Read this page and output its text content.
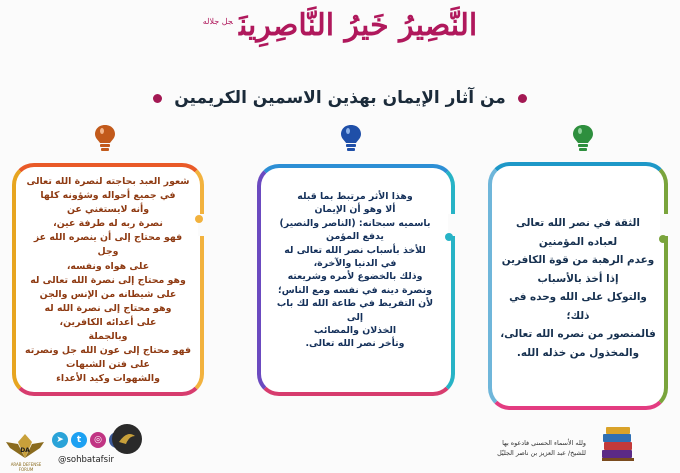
النَّصِيرُ خَيرُ النَّاصِرِينَ$^{جل جلاله}$
من آثار الإيمان بهذين الاسمين الكريمين

الثقة في نصر الله تعالى

لعباده المؤمنين

وعدم الرهبة من قوة الكافرين

إذا أخذ بالأسباب

والتوكل على الله وحده في ذلك؛

فالمنصور من نصره الله تعالى،

والمخذول من خذله الله.

وهذا الأثر مرتبط بما قبله

ألا وهو أن الإيمان

باسميه سبحانه: (الناصر والنصير)

يدفع المؤمن

للأخذ بأسباب نصر الله تعالى له

في الدنيا والآخرة،

وذلك بالخضوع لأمره وشريعته

ونصرة دينه في نفسه ومع الناس؛

لأن التفريط في طاعة الله لك باب إلى

الخذلان والمصائب

وتأخر نصر الله تعالى.

شعور العبد بحاجته لنصرة الله تعالى

في جميع أحواله وشؤونه كلها

وأنه لايستغني عن

نصرة ربه له طرفة عين،

فهو محتاج إلى أن ينصره الله عز وجل

على هواه ونفسه،

وهو محتاج إلى نصرة الله تعالى له

على شيطانه من الإنس والجن

وهو محتاج إلى نصرة الله له

على أعدائه الكافرين،

وبالجملة

فهو محتاج إلى عون الله جل ونصرته

على فتن الشبهات

والشهوات وكيد الأعداء

ولله الأسماء الحسنى فادعوه بها
للشيخ/ عبد العزيز بن ناصر الجليّل
DA
ARAB DEFENSE FORUM
➤	t	◎
@sohbatafsir
